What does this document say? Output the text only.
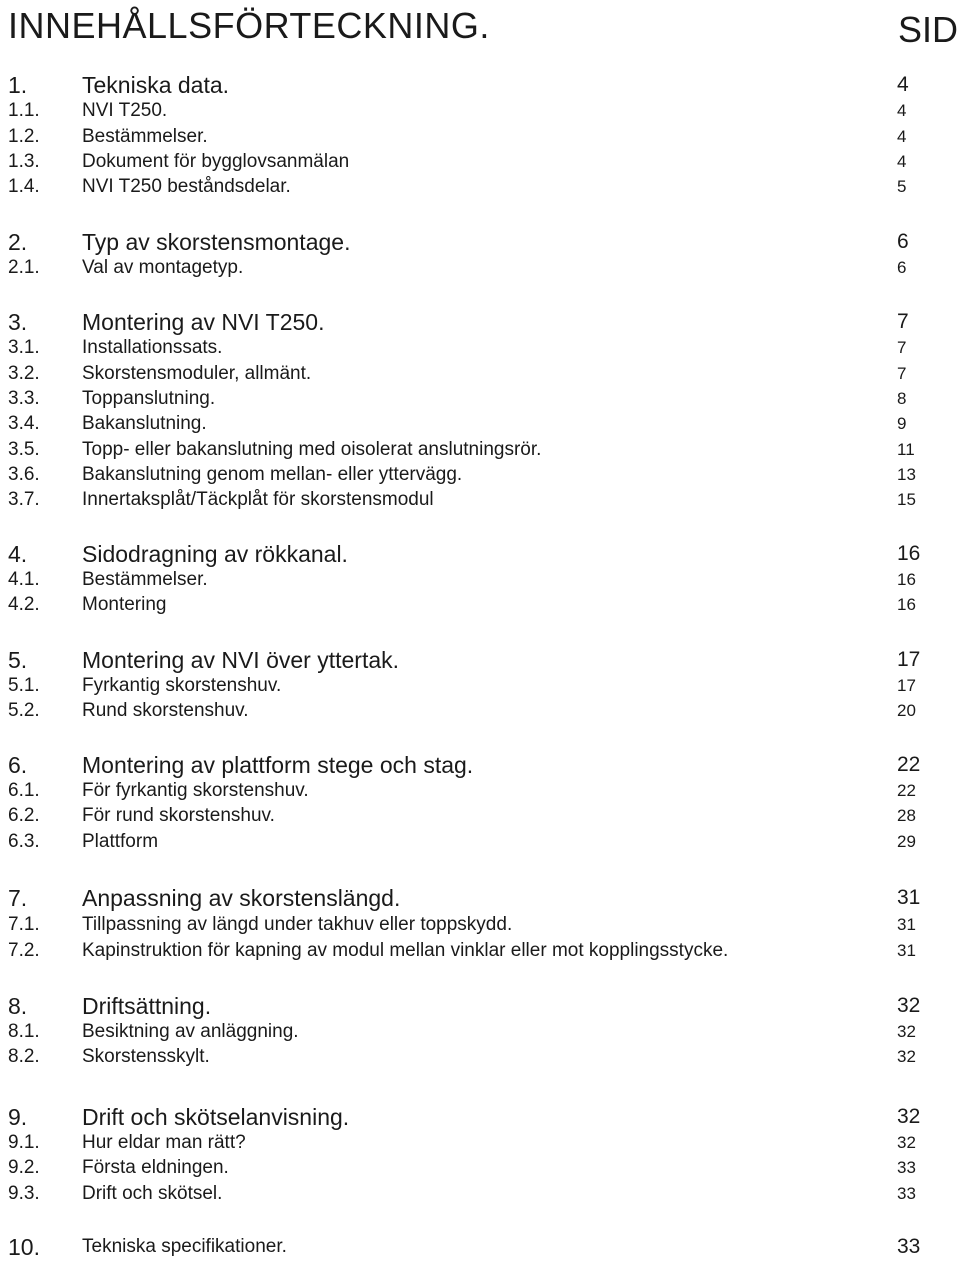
INNEHÅLLSFÖRTECKNING.	SID
1. Tekniska data.	4
1.1. NVI T250.	4
1.2. Bestämmelser.	4
1.3. Dokument för bygglovsanmälan	4
1.4. NVI T250 beståndsdelar.	5
2. Typ av skorstensmontage.	6
2.1. Val av montagetyp.	6
3. Montering av NVI T250.	7
3.1. Installationssats.	7
3.2. Skorstensmoduler, allmänt.	7
3.3. Toppanslutning.	8
3.4. Bakanslutning.	9
3.5. Topp- eller bakanslutning med oisolerat anslutningsrör.	11
3.6. Bakanslutning genom mellan- eller yttervägg.	13
3.7. Innertaksplåt/Täckplåt för skorstensmodul	15
4. Sidodragning av rökkanal.	16
4.1. Bestämmelser.	16
4.2. Montering	16
5. Montering av NVI över yttertak.	17
5.1. Fyrkantig skorstenshuv.	17
5.2. Rund skorstenshuv.	20
6. Montering av plattform stege och stag.	22
6.1. För fyrkantig skorstenshuv.	22
6.2. För rund skorstenshuv.	28
6.3. Plattform	29
7. Anpassning av skorstenslängd.	31
7.1. Tillpassning av längd under takhuv eller toppskydd.	31
7.2. Kapinstruktion för kapning av modul mellan vinklar eller mot kopplingsstycke.	31
8. Driftsättning.	32
8.1. Besiktning av anläggning.	32
8.2. Skorstensskylt.	32
9. Drift och skötselanvisning.	32
9.1. Hur eldar man rätt?	32
9.2. Första eldningen.	33
9.3. Drift och skötsel.	33
10. Tekniska specifikationer.	33
